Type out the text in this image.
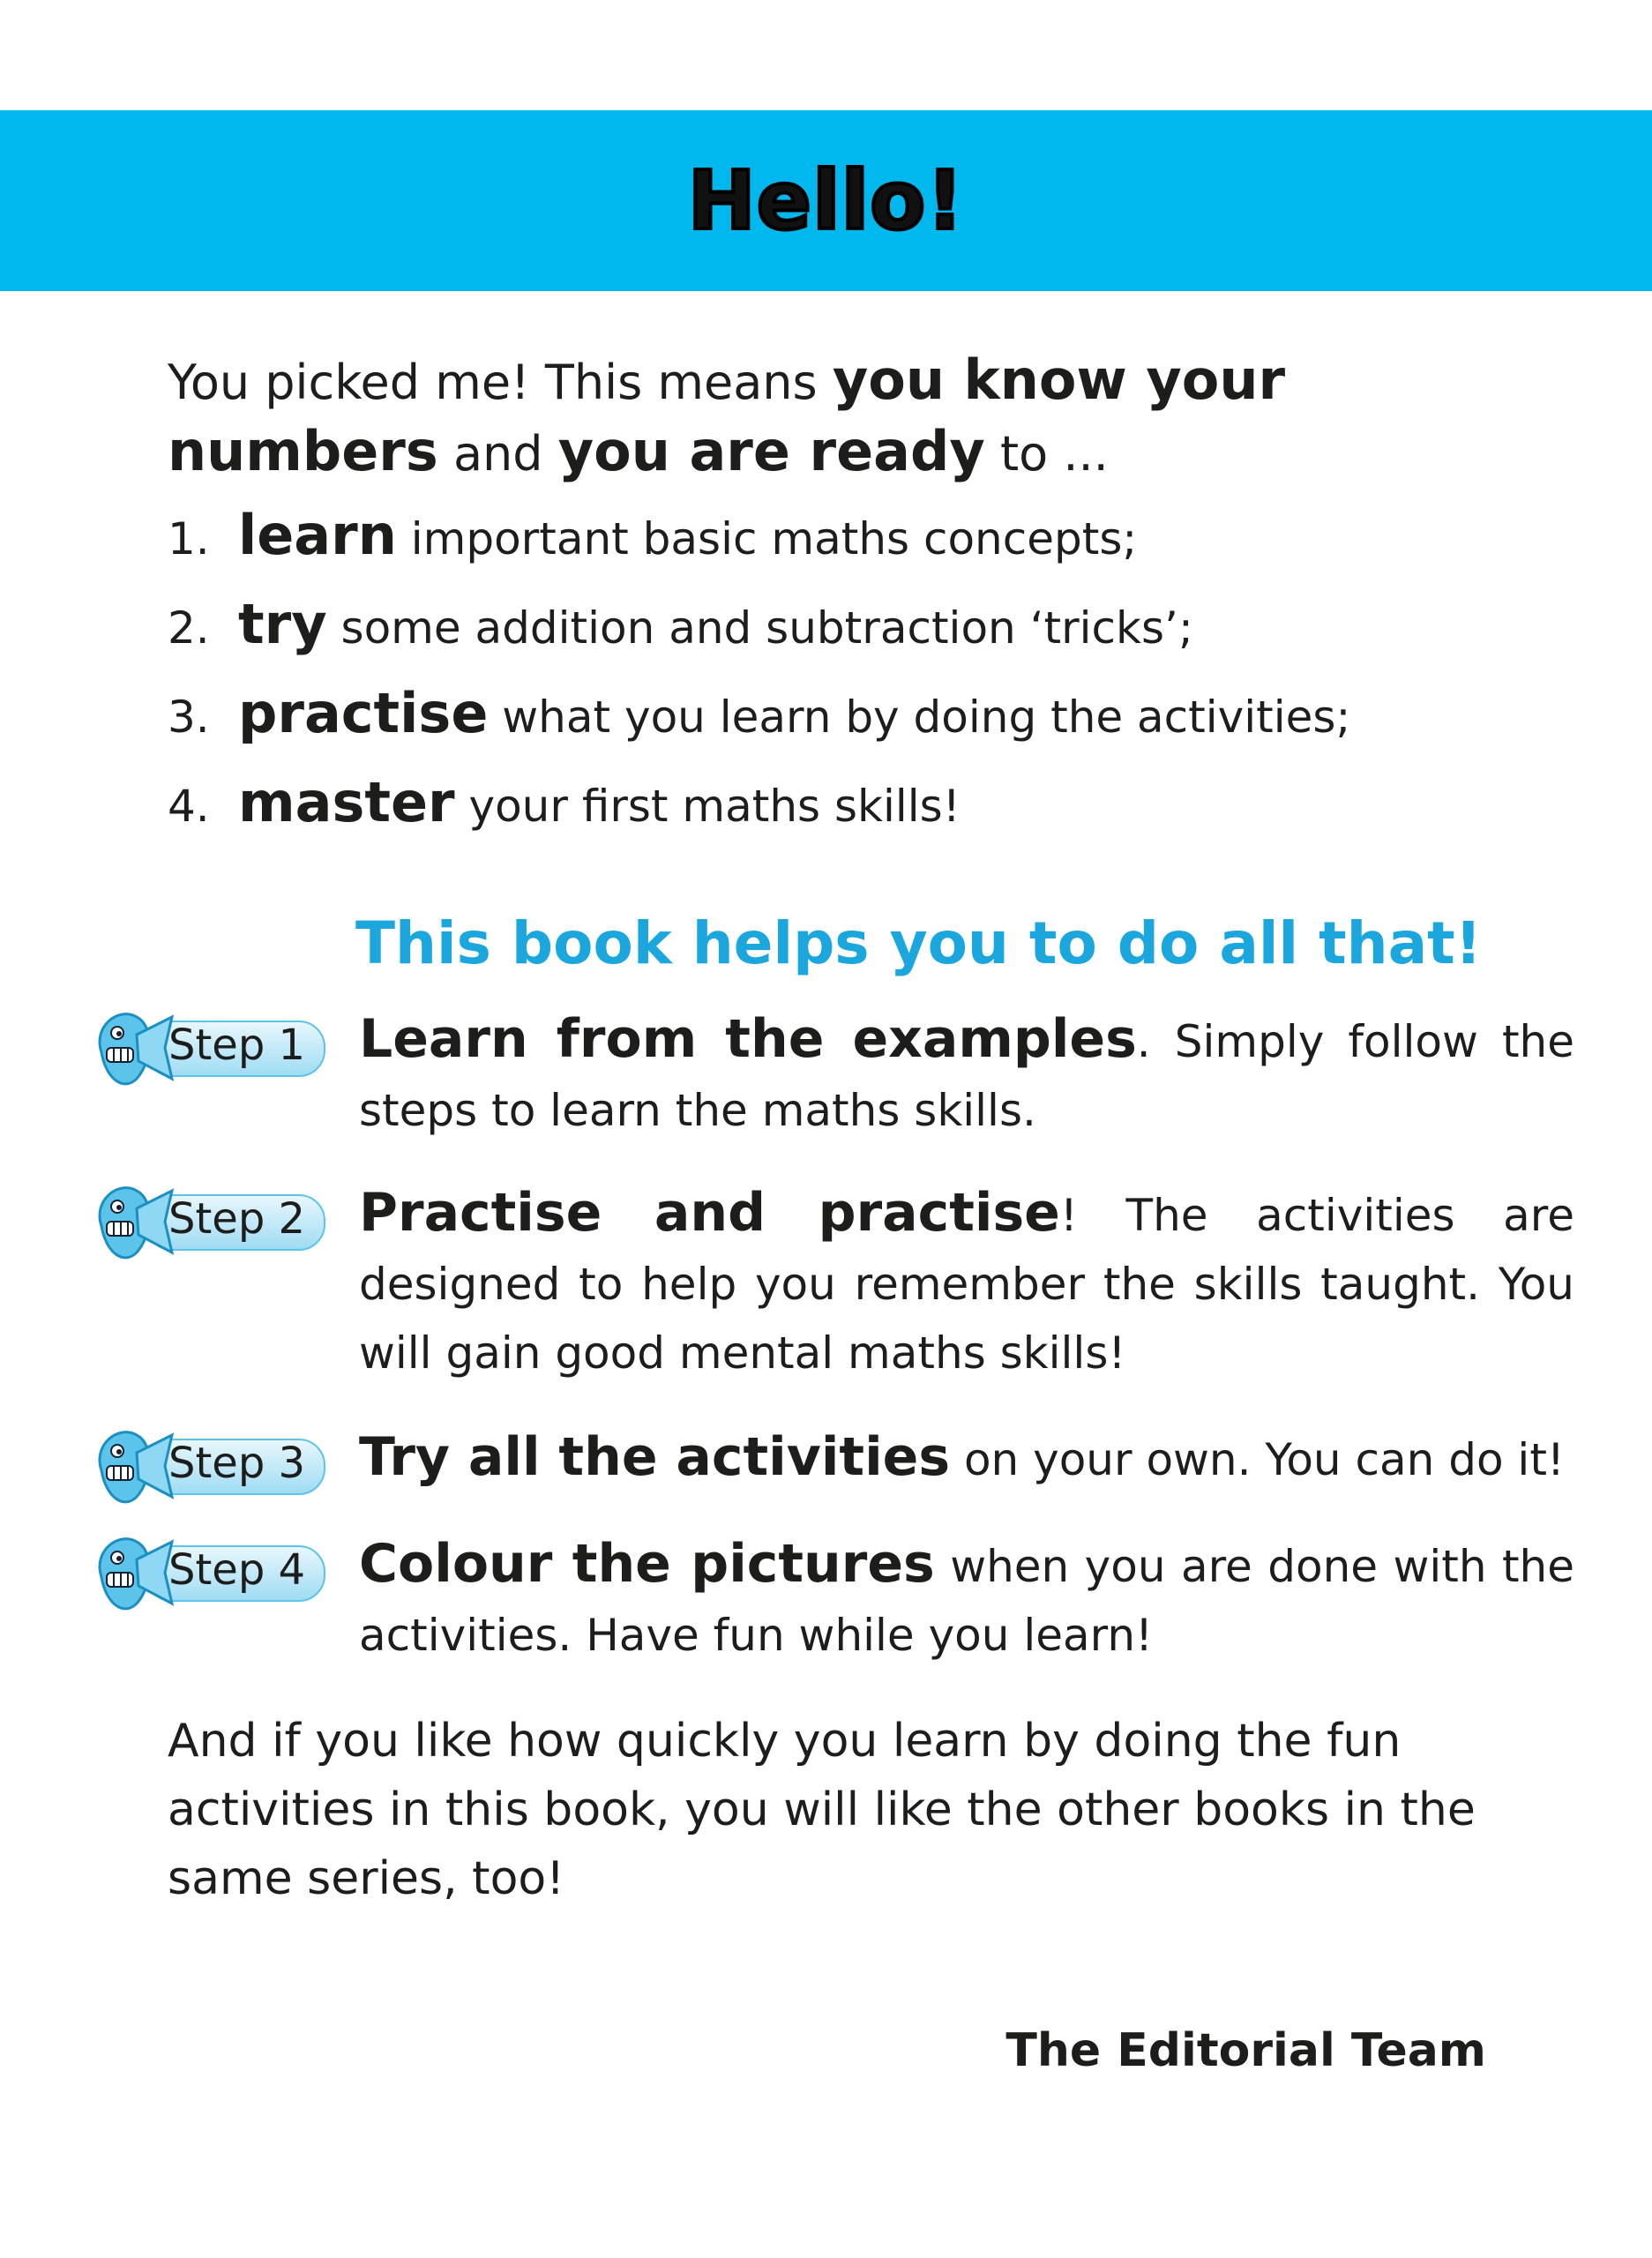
Hello!
You picked me! This means you know your numbers and you are ready to ...
1. learn important basic maths concepts;
2. try some addition and subtraction ‘tricks’;
3. practise what you learn by doing the activities;
4. master your first maths skills!
This book helps you to do all that!
Step 1 Learn from the examples. Simply follow the steps to learn the maths skills.
Step 2 Practise and practise! The activities are designed to help you remember the skills taught. You will gain good mental maths skills!
Step 3 Try all the activities on your own. You can do it!
Step 4 Colour the pictures when you are done with the activities. Have fun while you learn!
And if you like how quickly you learn by doing the fun activities in this book, you will like the other books in the same series, too!
The Editorial Team
